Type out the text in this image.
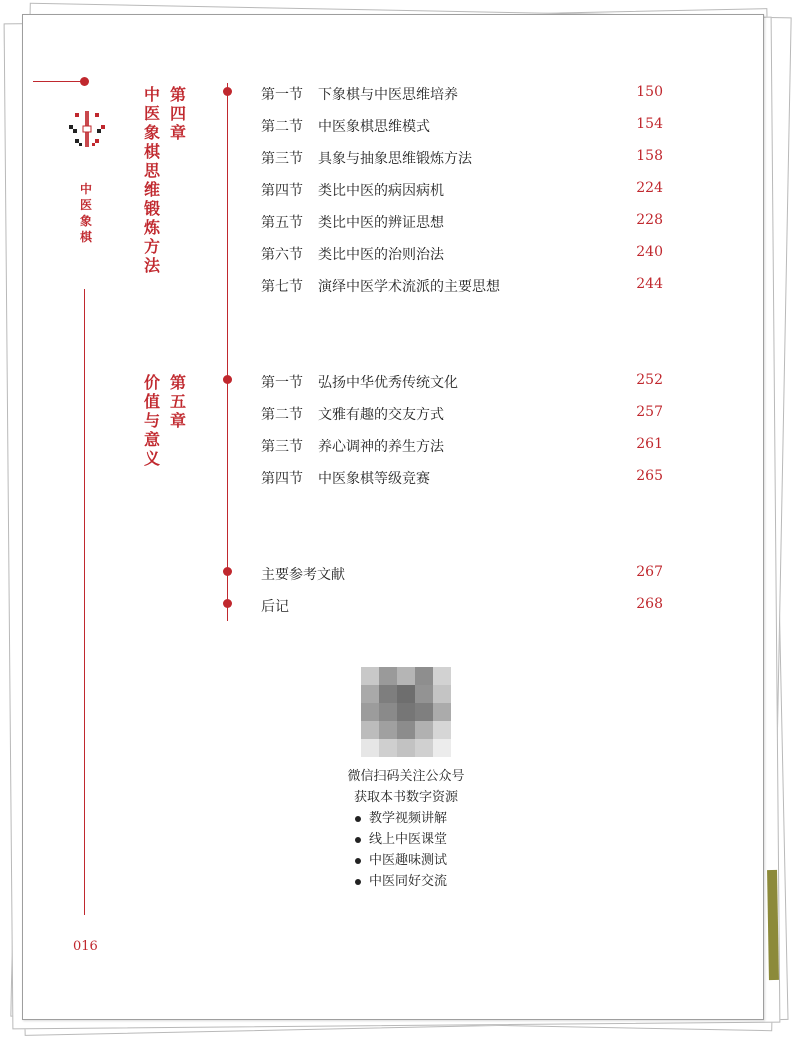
中
医
象
棋
016
中
医
象
棋
思
维
锻
炼
方
法
第
四
章
价
值
与
意
义
第
五
章
第一节 下象棋与中医思维培养	150
第二节 中医象棋思维模式	154
第三节 具象与抽象思维锻炼方法	158
第四节 类比中医的病因病机	224
第五节 类比中医的辨证思想	228
第六节 类比中医的治则治法	240
第七节 演绎中医学术流派的主要思想	244
第一节 弘扬中华优秀传统文化	252
第二节 文雅有趣的交友方式	257
第三节 养心调神的养生方法	261
第四节 中医象棋等级竞赛	265
主要参考文献	267
后记	268
微信扫码关注公众号
获取本书数字资源
教学视频讲解
线上中医课堂
中医趣味测试
中医同好交流
